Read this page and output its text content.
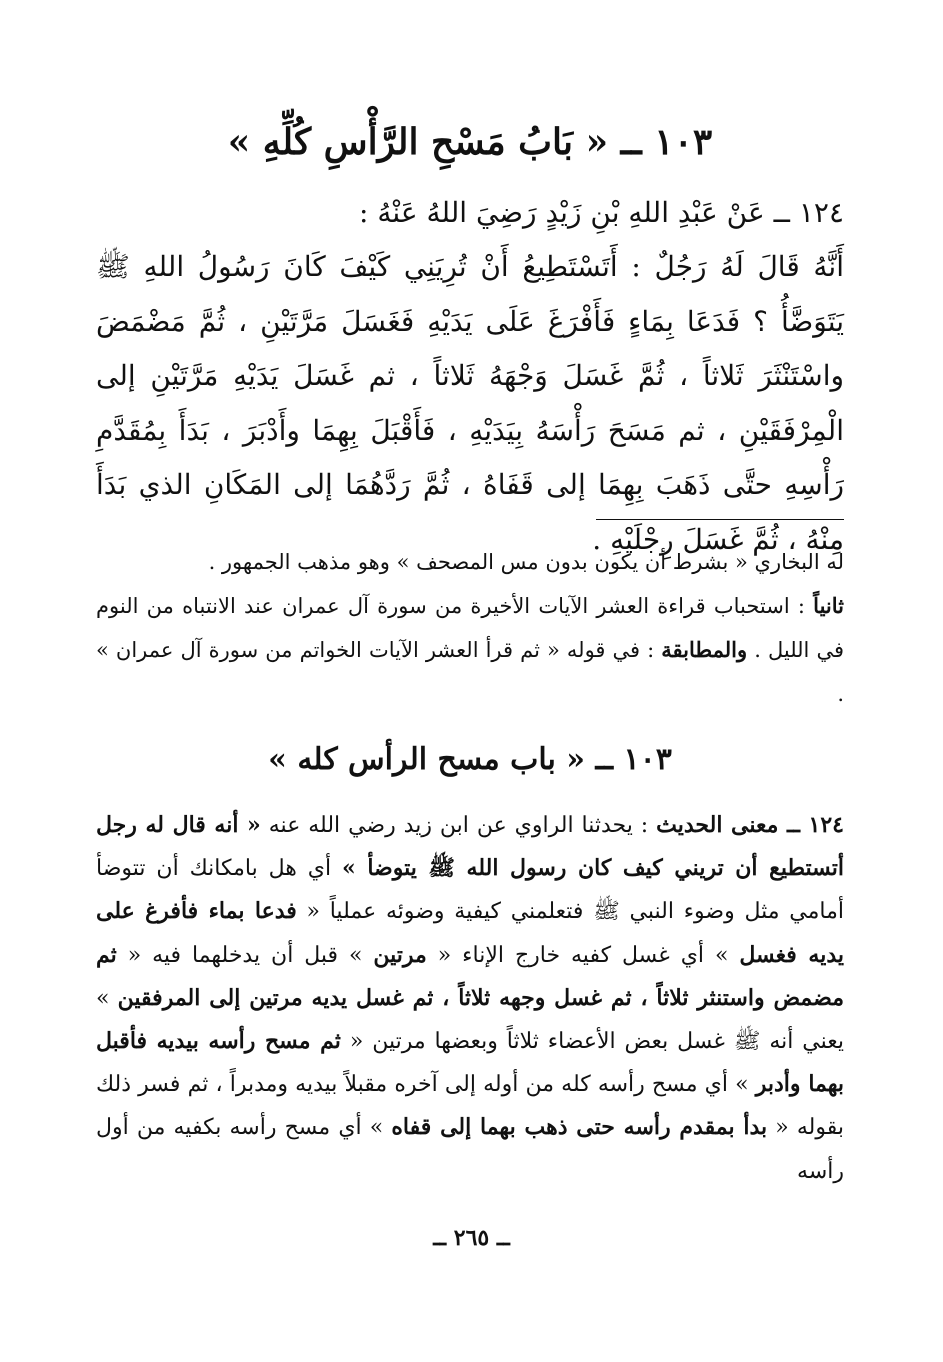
١٠٣ ــ « بَابُ مَسْحِ الرَّأْسِ كُلِّهِ »
١٢٤ ــ عَنْ عَبْدِ اللهِ بْنِ زَيْدٍ رَضِيَ اللهُ عَنْهُ :
أَنَّهُ قَالَ لَهُ رَجُلٌ : أَتَسْتَطِيعُ أَنْ تُرِيَنِي كَيْفَ كَانَ رَسُولُ اللهِ ﷺ يَتَوَضَّأُ ؟ فَدَعَا بِمَاءٍ فَأَفْرَغَ عَلَى يَدَيْهِ فَغَسَلَ مَرَّتَيْنِ ، ثُمَّ مَضْمَضَ واسْتَنْثَرَ ثَلاثاً ، ثُمَّ غَسَلَ وَجْهَهُ ثَلاثاً ، ثم غَسَلَ يَدَيْهِ مَرَّتَيْنِ إلى الْمِرْفَقَيْنِ ، ثم مَسَحَ رَأْسَهُ بِيَدَيْهِ ، فَأَقْبَلَ بِهِمَا وأَدْبَرَ ، بَدَأَ بِمُقَدَّمِ رَأْسِهِ حتَّى ذَهَبَ بِهِمَا إلى قَفَاهُ ، ثُمَّ رَدَّهُمَا إلى المَكَانِ الذي بَدَأَ مِنْهُ ، ثُمَّ غَسَلَ رِجْلَيْهِ .
له البخاري « بشرط أن يكون بدون مس المصحف » وهو مذهب الجمهور .
ثانياً : استحباب قراءة العشر الآيات الأخيرة من سورة آل عمران عند الانتباه من النوم في الليل . والمطابقة : في قوله « ثم قرأ العشر الآيات الخواتم من سورة آل عمران » .
١٠٣ ــ « باب مسح الرأس كله »
١٢٤ ــ معنى الحديث : يحدثنا الراوي عن ابن زيد رضي الله عنه « أنه قال له رجل أتستطيع أن تريني كيف كان رسول الله ﷺ يتوضأ » أي هل بامكانك أن تتوضأ أمامي مثل وضوء النبي ﷺ فتعلمني كيفية وضوئه عملياً « فدعا بماء فأفرغ على يديه فغسل » أي غسل كفيه خارج الإناء « مرتين » قبل أن يدخلهما فيه « ثم مضمض واستنثر ثلاثاً ، ثم غسل وجهه ثلاثاً ، ثم غسل يديه مرتين إلى المرفقين » يعني أنه ﷺ غسل بعض الأعضاء ثلاثاً وبعضها مرتين « ثم مسح رأسه بيديه فأقبل بهما وأدبر » أي مسح رأسه كله من أوله إلى آخره مقبلاً بيديه ومدبراً ، ثم فسر ذلك بقوله « بدأ بمقدم رأسه حتى ذهب بهما إلى قفاه » أي مسح رأسه بكفيه من أول رأسه
ــ ٢٦٥ ــ
